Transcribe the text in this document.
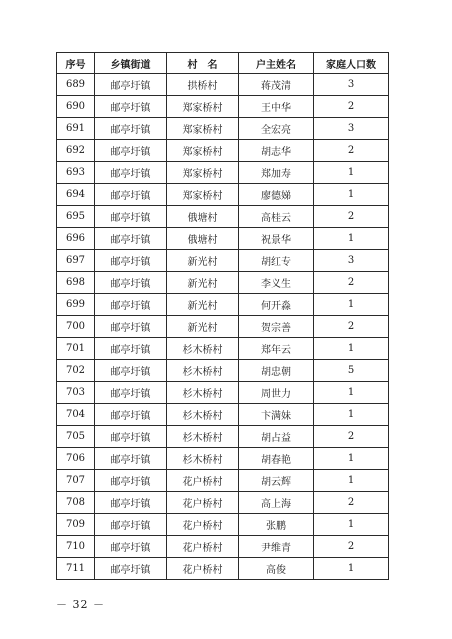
序号	乡镇街道	村　名	户主姓名	家庭人口数
689	邮亭圩镇	拱桥村	蒋茂清	3
690	邮亭圩镇	郑家桥村	王中华	2
691	邮亭圩镇	郑家桥村	全宏亮	3
692	邮亭圩镇	郑家桥村	胡志华	2
693	邮亭圩镇	郑家桥村	郑加寿	1
694	邮亭圩镇	郑家桥村	廖德娣	1
695	邮亭圩镇	俄塘村	高桂云	2
696	邮亭圩镇	俄塘村	祝景华	1
697	邮亭圩镇	新光村	胡红专	3
698	邮亭圩镇	新光村	李义生	2
699	邮亭圩镇	新光村	何开淼	1
700	邮亭圩镇	新光村	贺宗善	2
701	邮亭圩镇	杉木桥村	郑年云	1
702	邮亭圩镇	杉木桥村	胡忠朝	5
703	邮亭圩镇	杉木桥村	周世力	1
704	邮亭圩镇	杉木桥村	卞满妹	1
705	邮亭圩镇	杉木桥村	胡占益	2
706	邮亭圩镇	杉木桥村	胡春艳	1
707	邮亭圩镇	花户桥村	胡云辉	1
708	邮亭圩镇	花户桥村	高上海	2
709	邮亭圩镇	花户桥村	张鹏	1
710	邮亭圩镇	花户桥村	尹维青	2
711	邮亭圩镇	花户桥村	高俊	1
－ 32 －
